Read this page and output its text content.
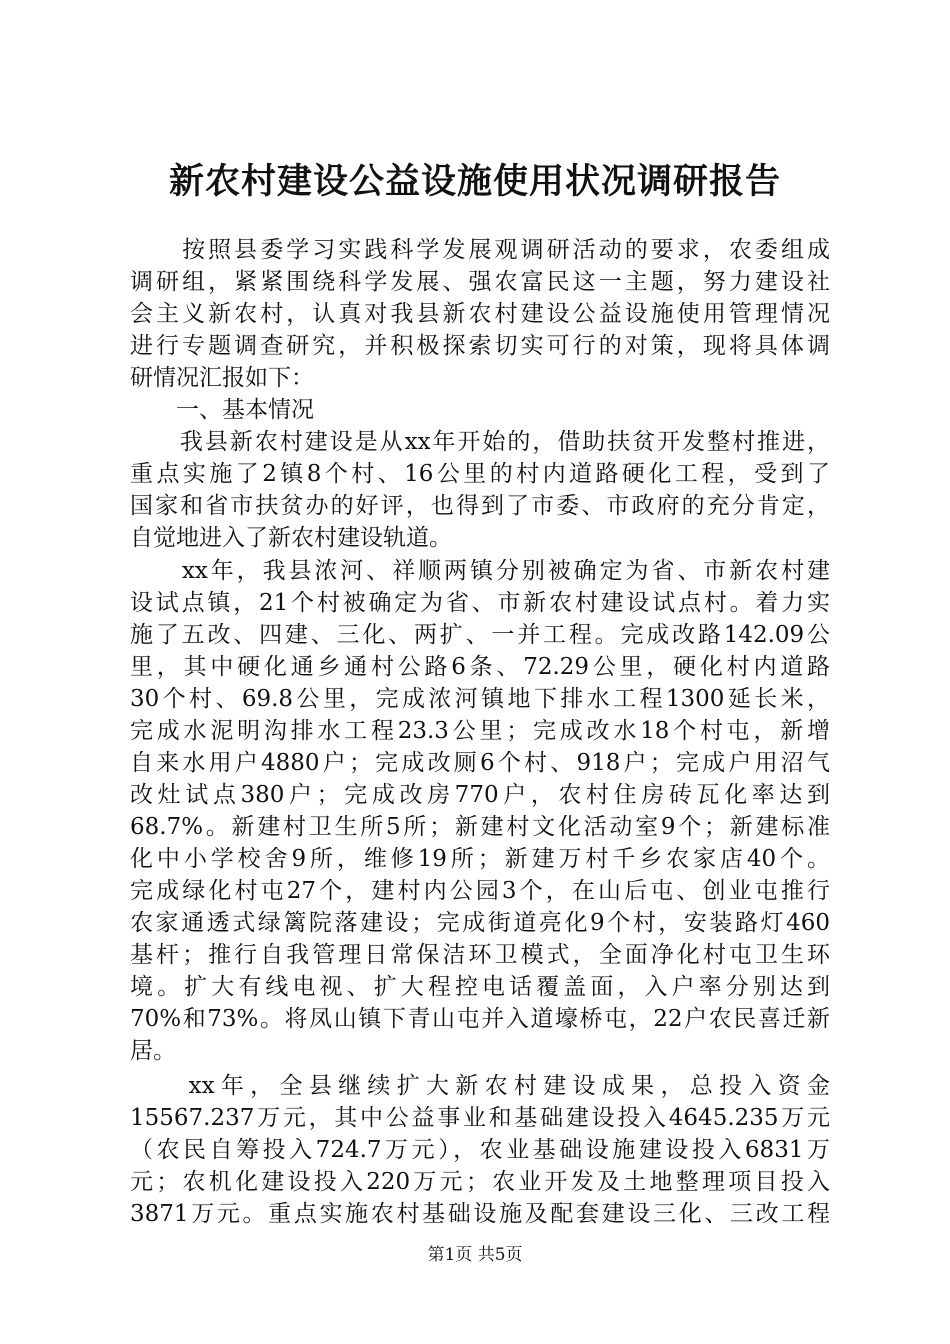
新农村建设公益设施使用状况调研报告
　　按照县委学习实践科学发展观调研活动的要求，农委组成
调研组，紧紧围绕科学发展、强农富民这一主题，努力建设社
会主义新农村，认真对我县新农村建设公益设施使用管理情况
进行专题调查研究，并积极探索切实可行的对策，现将具体调
研情况汇报如下：
　　一、基本情况
　　我县新农村建设是从xx年开始的，借助扶贫开发整村推进，
重点实施了2镇8个村、16公里的村内道路硬化工程，受到了
国家和省市扶贫办的好评，也得到了市委、市政府的充分肯定，
自觉地进入了新农村建设轨道。
　　xx年，我县浓河、祥顺两镇分别被确定为省、市新农村建
设试点镇，21个村被确定为省、市新农村建设试点村。着力实
施了五改、四建、三化、两扩、一并工程。完成改路142.09公
里，其中硬化通乡通村公路6条、72.29公里，硬化村内道路
30个村、69.8公里，完成浓河镇地下排水工程1300延长米，
完成水泥明沟排水工程23.3公里；完成改水18个村屯，新增
自来水用户4880户；完成改厕6个村、918户；完成户用沼气
改灶试点380户；完成改房770户，农村住房砖瓦化率达到
68.7%。新建村卫生所5所；新建村文化活动室9个；新建标准
化中小学校舍9所，维修19所；新建万村千乡农家店40个。
完成绿化村屯27个，建村内公园3个，在山后屯、创业屯推行
农家通透式绿篱院落建设；完成街道亮化9个村，安装路灯460
基杆；推行自我管理日常保洁环卫模式，全面净化村屯卫生环
境。扩大有线电视、扩大程控电话覆盖面，入户率分别达到
70%和73%。将凤山镇下青山屯并入道壕桥屯，22户农民喜迁新
居。
　　xx年，全县继续扩大新农村建设成果，总投入资金
15567.237万元，其中公益事业和基础建设投入4645.235万元
（农民自筹投入724.7万元），农业基础设施建设投入6831万
元；农机化建设投入220万元；农业开发及土地整理项目投入
3871万元。重点实施农村基础设施及配套建设三化、三改工程
第1页 共5页
